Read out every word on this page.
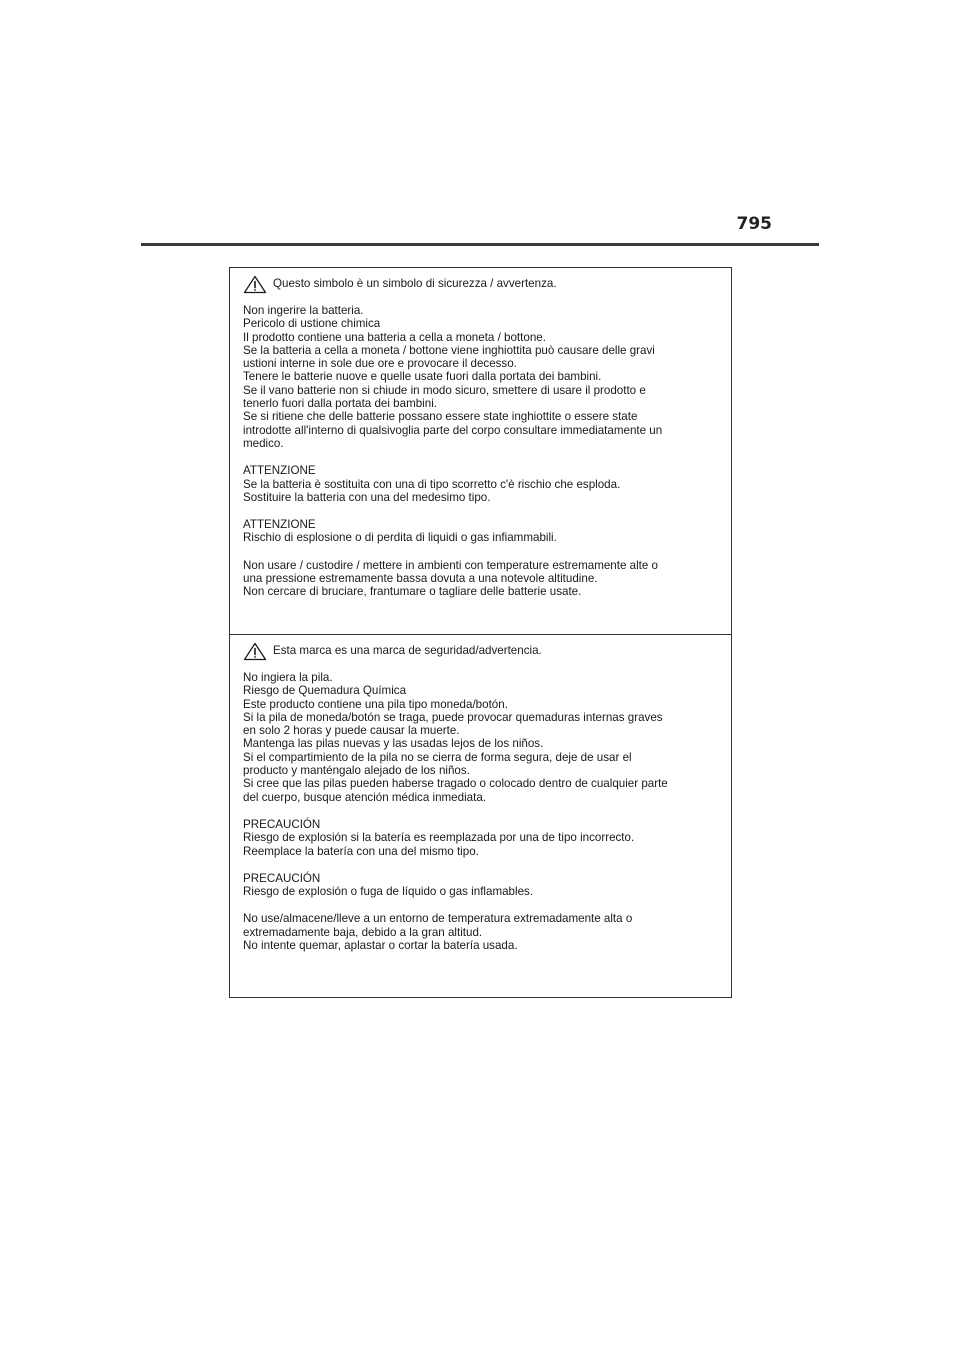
795
Questo simbolo è un simbolo di sicurezza / avvertenza.

Non ingerire la batteria.

Pericolo di ustione chimica

Il prodotto contiene una batteria a cella a moneta / bottone.

Se la batteria a cella a moneta / bottone viene inghiottita può causare delle gravi

ustioni interne in sole due ore e provocare il decesso.

Tenere le batterie nuove e quelle usate fuori dalla portata dei bambini.

Se il vano batterie non si chiude in modo sicuro, smettere di usare il prodotto e

tenerlo fuori dalla portata dei bambini.

Se si ritiene che delle batterie possano essere state inghiottite o essere state

introdotte all'interno di qualsivoglia parte del corpo consultare immediatamente un

medico.

ATTENZIONE

Se la batteria è sostituita con una di tipo scorretto c'è rischio che esploda.

Sostituire la batteria con una del medesimo tipo.

ATTENZIONE

Rischio di esplosione o di perdita di liquidi o gas infiammabili.

Non usare / custodire / mettere in ambienti con temperature estremamente alte o

una pressione estremamente bassa dovuta a una notevole altitudine.

Non cercare di bruciare, frantumare o tagliare delle batterie usate.

Esta marca es una marca de seguridad/advertencia.

No ingiera la pila.

Riesgo de Quemadura Química

Este producto contiene una pila tipo moneda/botón.

Si la pila de moneda/botón se traga, puede provocar quemaduras internas graves

en solo 2 horas y puede causar la muerte.

Mantenga las pilas nuevas y las usadas lejos de los niños.

Si el compartimiento de la pila no se cierra de forma segura, deje de usar el

producto y manténgalo alejado de los niños.

Si cree que las pilas pueden haberse tragado o colocado dentro de cualquier parte

del cuerpo, busque atención médica inmediata.

PRECAUCIÓN

Riesgo de explosión si la batería es reemplazada por una de tipo incorrecto.

Reemplace la batería con una del mismo tipo.

PRECAUCIÓN

Riesgo de explosión o fuga de líquido o gas inflamables.

No use/almacene/lleve a un entorno de temperatura extremadamente alta o

extremadamente baja, debido a la gran altitud.

No intente quemar, aplastar o cortar la batería usada.
